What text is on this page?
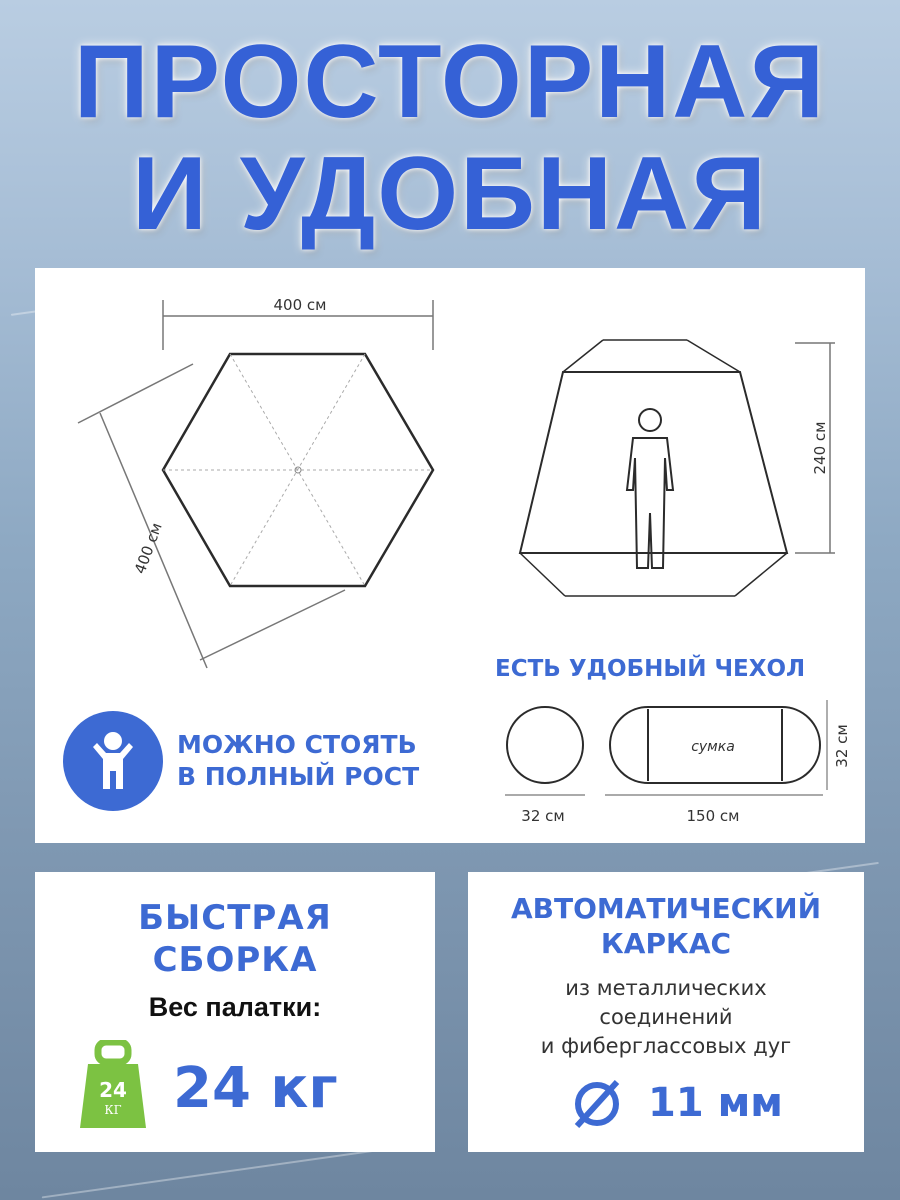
ПРОСТОРНАЯ
И УДОБНАЯ
400 см
400 см
240 см
32 см
сумка
150 см
32 см
ЕСТЬ УДОБНЫЙ ЧЕХОЛ
МОЖНО СТОЯТЬ
В ПОЛНЫЙ РОСТ
БЫСТРАЯ
СБОРКА
Вес палатки:
24
КГ 24 кг
АВТОМАТИЧЕСКИЙ
КАРКАС
из металлических
соединений
и фиберглассовых дуг
11 мм
